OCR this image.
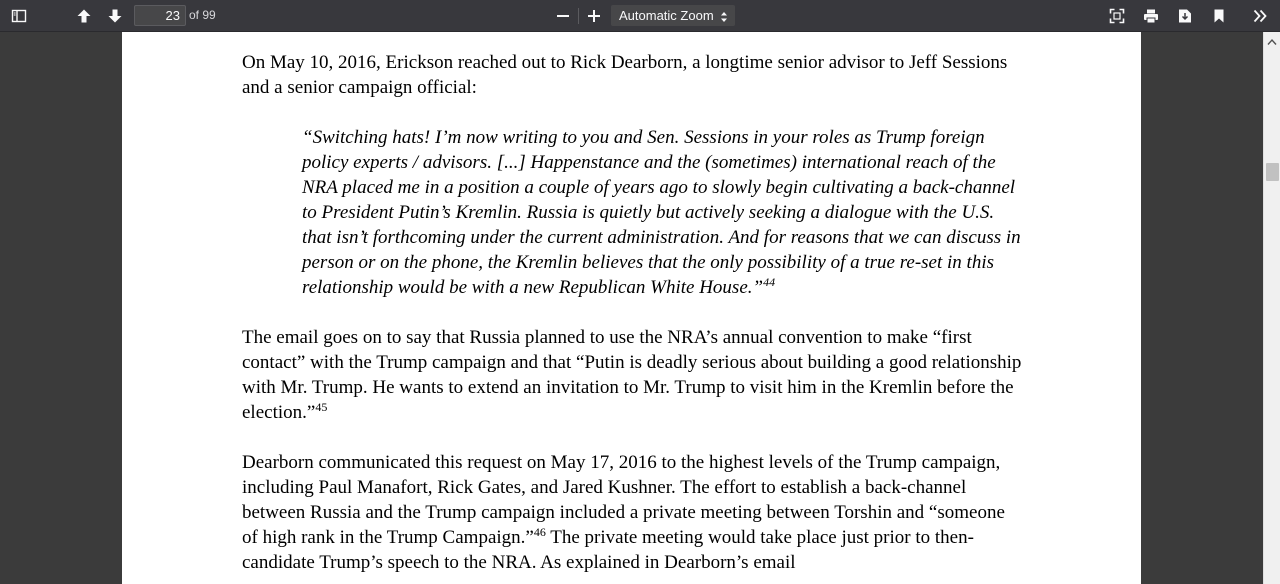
23
of 99	Automatic Zoom

On May 10, 2016, Erickson reached out to Rick Dearborn, a longtime senior advisor to Jeff Sessions and a senior campaign official:

“Switching hats! I’m now writing to you and Sen. Sessions in your roles as Trump foreign policy experts / advisors. [...] Happenstance and the (sometimes) international reach of the NRA placed me in a position a couple of years ago to slowly begin cultivating a back-channel to President Putin’s Kremlin. Russia is quietly but actively seeking a dialogue with the U.S. that isn’t forthcoming under the current administration. And for reasons that we can discuss in person or on the phone, the Kremlin believes that the only possibility of a true re-set in this relationship would be with a new Republican White House.”$^{44}$

The email goes on to say that Russia planned to use the NRA’s annual convention to make “first contact” with the Trump campaign and that “Putin is deadly serious about building a good relationship with Mr. Trump. He wants to extend an invitation to Mr. Trump to visit him in the Kremlin before the election.”$^{45}$

Dearborn communicated this request on May 17, 2016 to the highest levels of the Trump campaign, including Paul Manafort, Rick Gates, and Jared Kushner. The effort to establish a back-channel between Russia and the Trump campaign included a private meeting between Torshin and “someone of high rank in the Trump Campaign.”$^{46}$ The private meeting would take place just prior to then-candidate Trump’s speech to the NRA. As explained in Dearborn’s email
